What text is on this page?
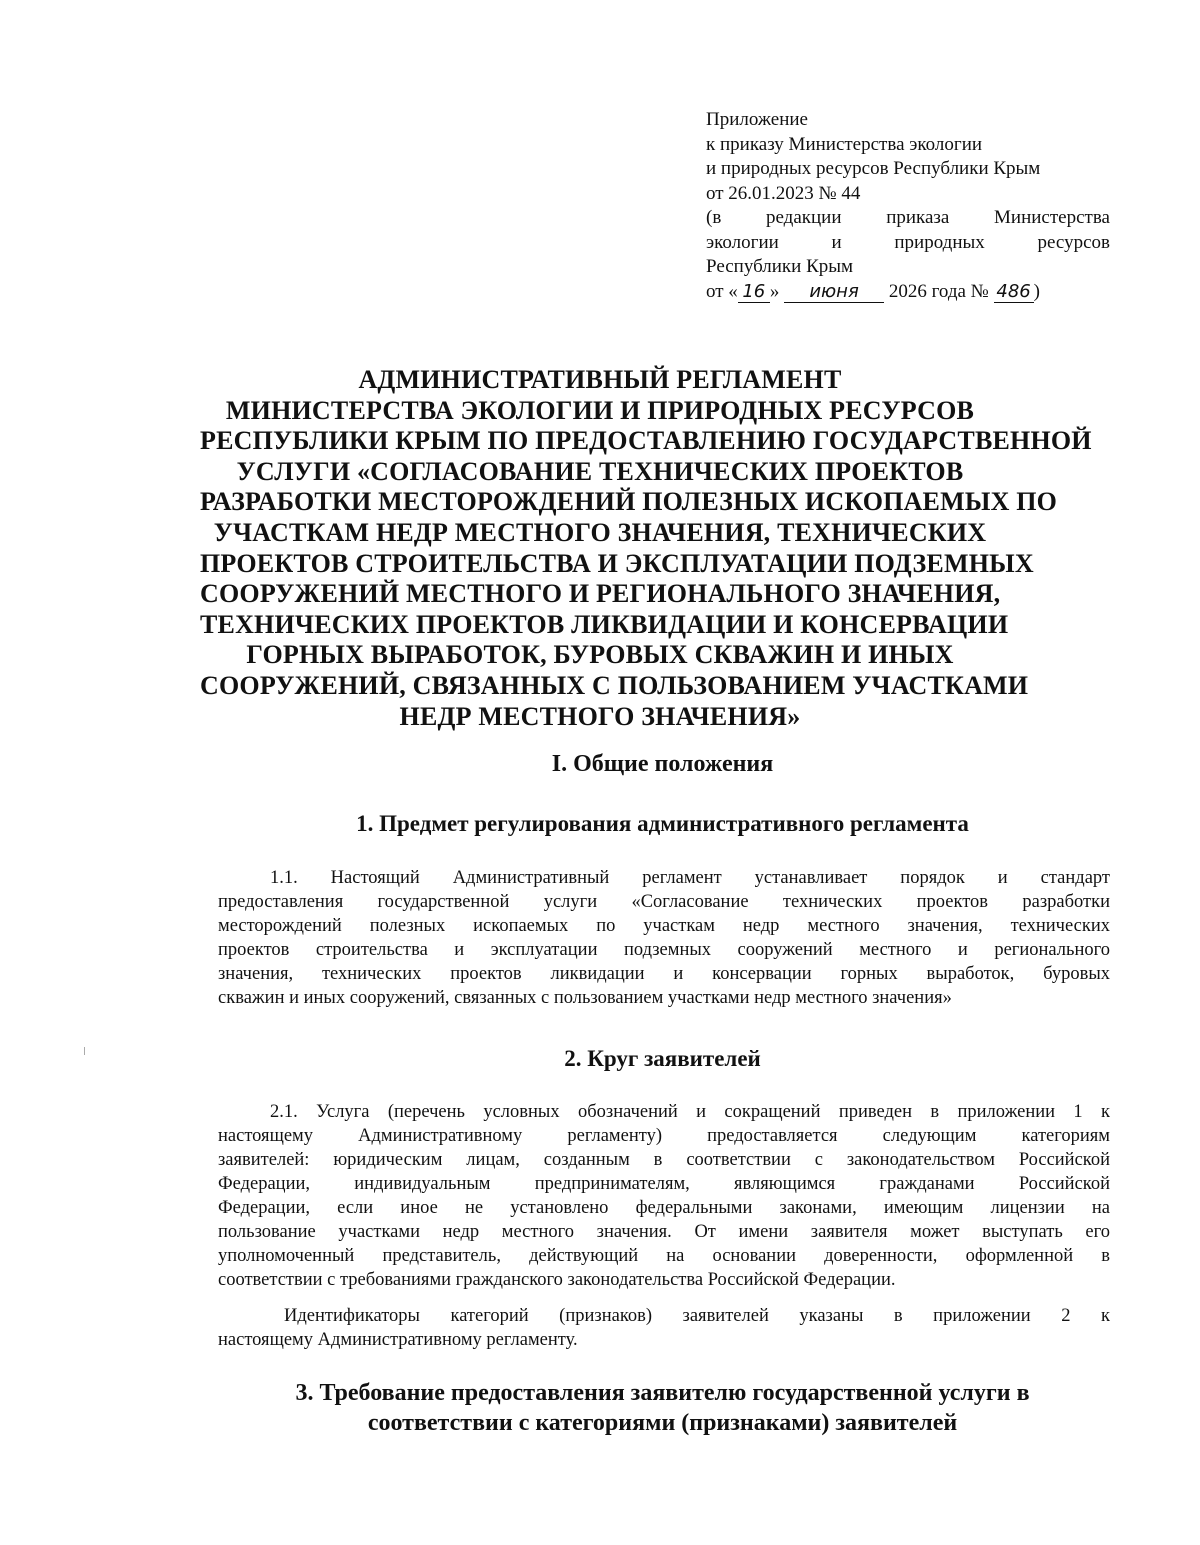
Приложение
к приказу Министерства экологии
и природных ресурсов Республики Крым
от 26.01.2023 № 44
(в редакции приказа Министерства
экологии и природных ресурсов
Республики Крым
от « 16 » июня 2026 года № 486 )
АДМИНИСТРАТИВНЫЙ РЕГЛАМЕНТ
МИНИСТЕРСТВА ЭКОЛОГИИ И ПРИРОДНЫХ РЕСУРСОВ
РЕСПУБЛИКИ КРЫМ ПО ПРЕДОСТАВЛЕНИЮ ГОСУДАРСТВЕННОЙ
УСЛУГИ «СОГЛАСОВАНИЕ ТЕХНИЧЕСКИХ ПРОЕКТОВ
РАЗРАБОТКИ МЕСТОРОЖДЕНИЙ ПОЛЕЗНЫХ ИСКОПАЕМЫХ ПО
УЧАСТКАМ НЕДР МЕСТНОГО ЗНАЧЕНИЯ, ТЕХНИЧЕСКИХ
ПРОЕКТОВ СТРОИТЕЛЬСТВА И ЭКСПЛУАТАЦИИ ПОДЗЕМНЫХ
СООРУЖЕНИЙ МЕСТНОГО И РЕГИОНАЛЬНОГО ЗНАЧЕНИЯ,
ТЕХНИЧЕСКИХ ПРОЕКТОВ ЛИКВИДАЦИИ И КОНСЕРВАЦИИ
ГОРНЫХ ВЫРАБОТОК, БУРОВЫХ СКВАЖИН И ИНЫХ
СООРУЖЕНИЙ, СВЯЗАННЫХ С ПОЛЬЗОВАНИЕМ УЧАСТКАМИ
НЕДР МЕСТНОГО ЗНАЧЕНИЯ»
I. Общие положения
1. Предмет регулирования административного регламента
1.1. Настоящий Административный регламент устанавливает порядок и стандарт
предоставления государственной услуги «Согласование технических проектов разработки
месторождений полезных ископаемых по участкам недр местного значения, технических
проектов строительства и эксплуатации подземных сооружений местного и регионального
значения, технических проектов ликвидации и консервации горных выработок, буровых
скважин и иных сооружений, связанных с пользованием участками недр местного значения»
2. Круг заявителей
2.1. Услуга (перечень условных обозначений и сокращений приведен в приложении 1 к
настоящему Административному регламенту) предоставляется следующим категориям
заявителей: юридическим лицам, созданным в соответствии с законодательством Российской
Федерации, индивидуальным предпринимателям, являющимся гражданами Российской
Федерации, если иное не установлено федеральными законами, имеющим лицензии на
пользование участками недр местного значения. От имени заявителя может выступать его
уполномоченный представитель, действующий на основании доверенности, оформленной в
соответствии с требованиями гражданского законодательства Российской Федерации.
Идентификаторы категорий (признаков) заявителей указаны в приложении 2 к
настоящему Административному регламенту.
3. Требование предоставления заявителю государственной услуги в
соответствии с категориями (признаками) заявителей
